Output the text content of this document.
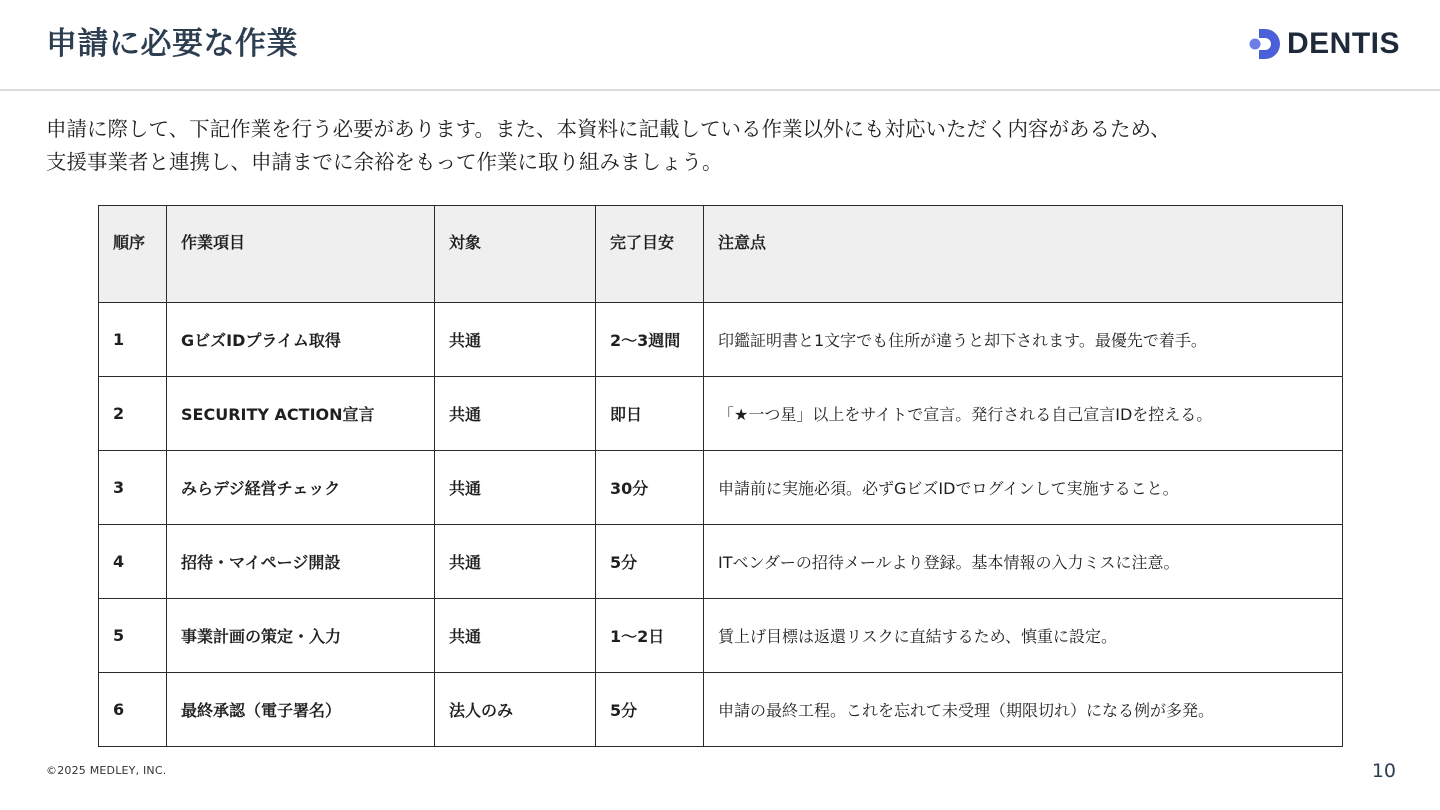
申請に必要な作業	DENTIS

申請に際して、下記作業を行う必要があります。また、本資料に記載している作業以外にも対応いただく内容があるため、
支援事業者と連携し、申請までに余裕をもって作業に取り組みましょう。

順序	作業項目	対象	完了目安	注意点
1	GビズIDプライム取得	共通	2〜3週間	印鑑証明書と1文字でも住所が違うと却下されます。最優先で着手。
2	SECURITY ACTION宣言	共通	即日	「★一つ星」以上をサイトで宣言。発行される自己宣言IDを控える。
3	みらデジ経営チェック	共通	30分	申請前に実施必須。必ずGビズIDでログインして実施すること。
4	招待・マイページ開設	共通	5分	ITベンダーの招待メールより登録。基本情報の入力ミスに注意。
5	事業計画の策定・入力	共通	1〜2日	賃上げ目標は返還リスクに直結するため、慎重に設定。
6	最終承認（電子署名）	法人のみ	5分	申請の最終工程。これを忘れて未受理（期限切れ）になる例が多発。
©2025 MEDLEY, INC.	10
